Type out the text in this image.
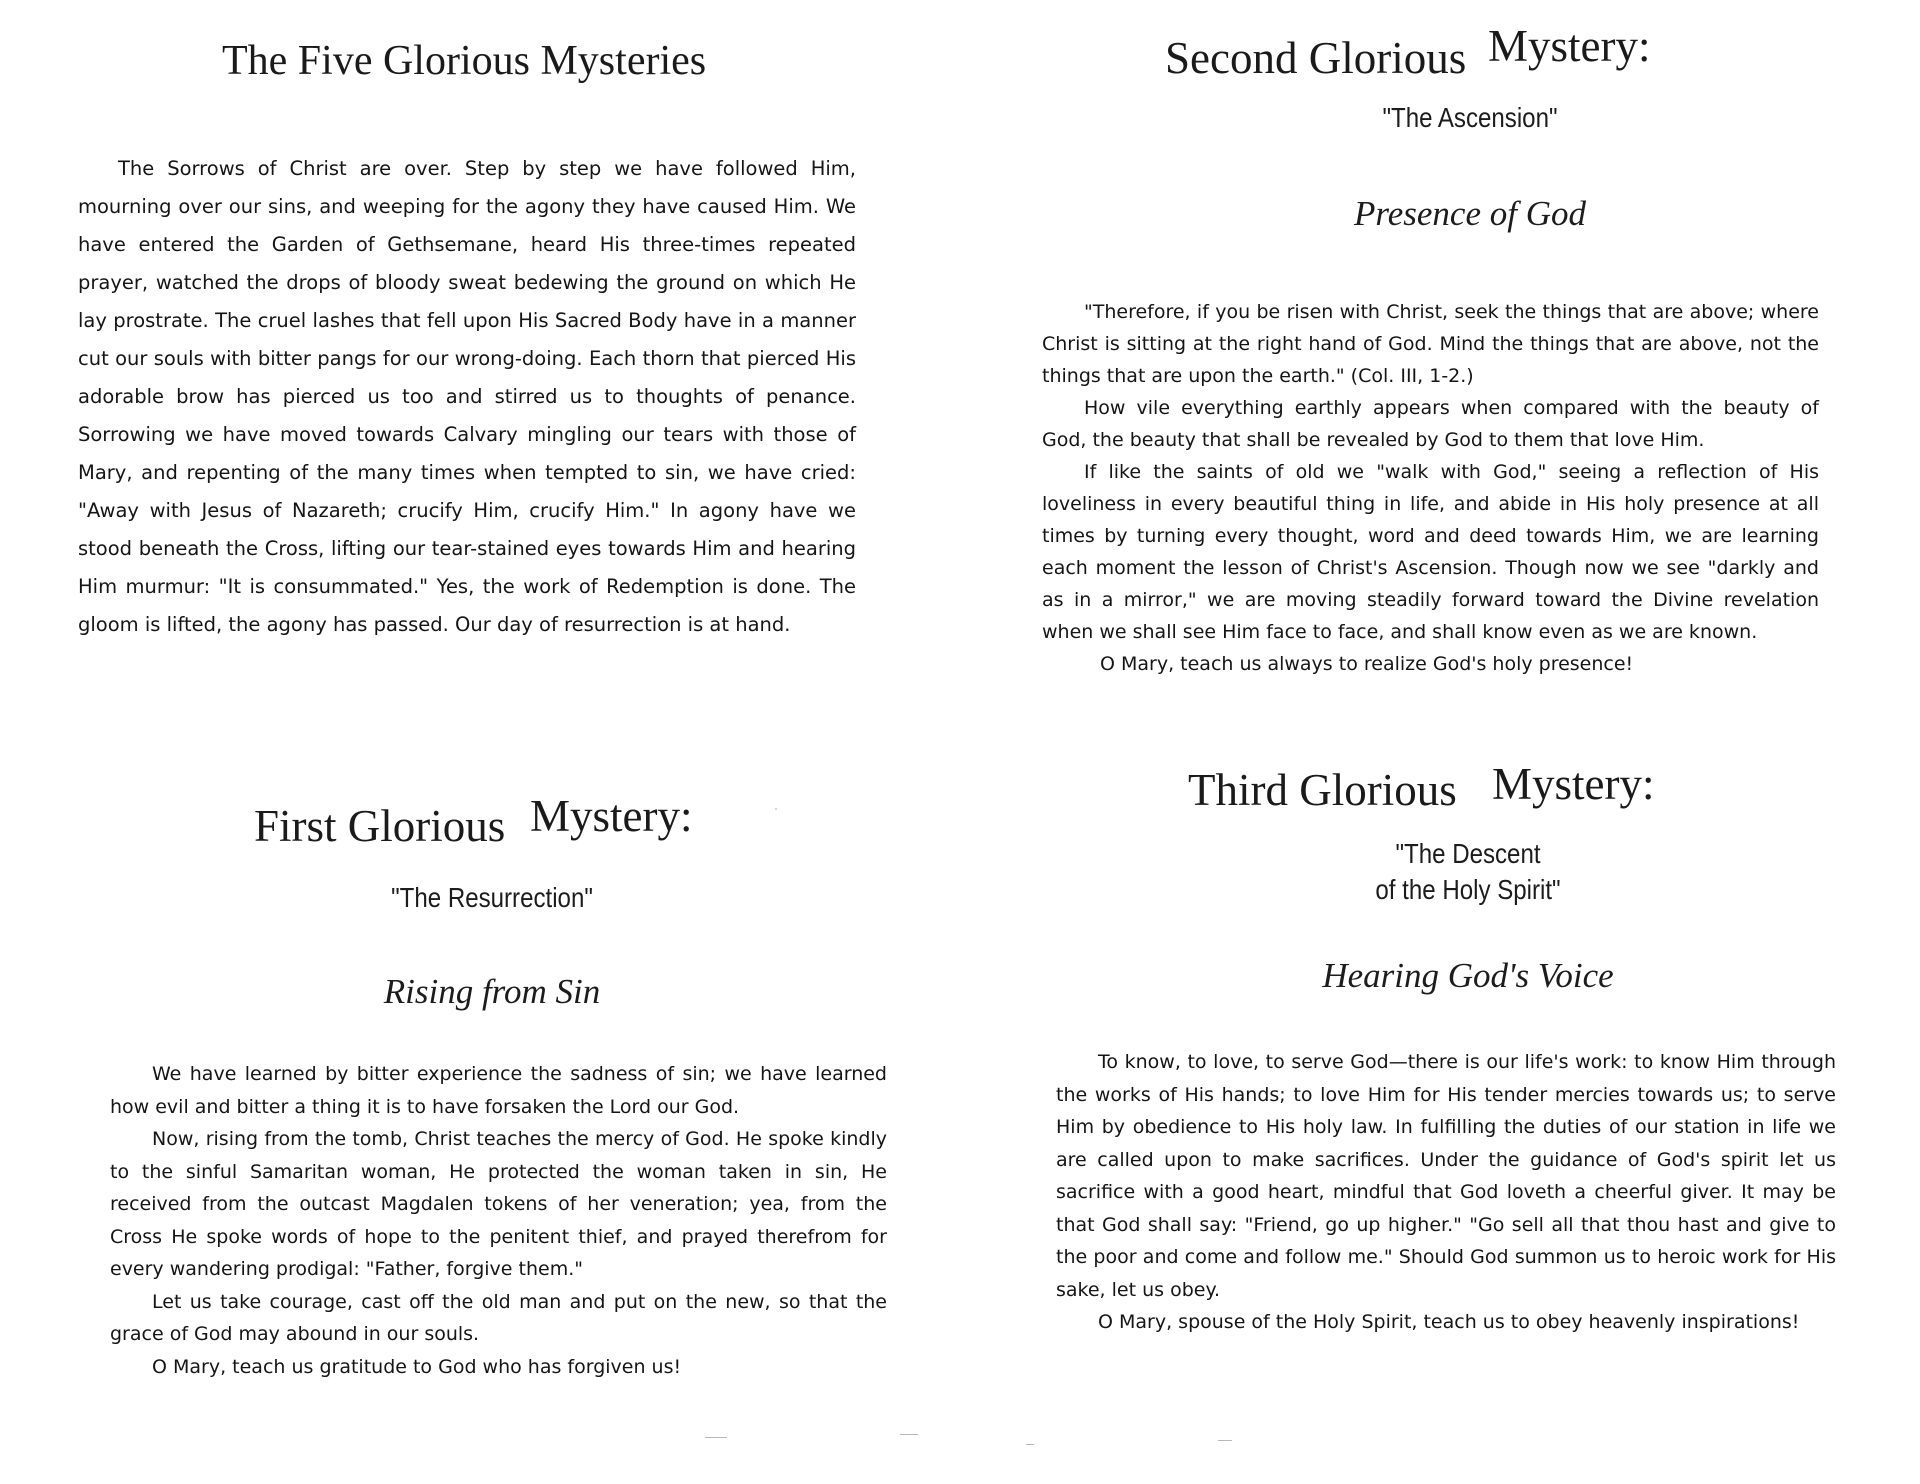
The Five Glorious Mysteries

The Sorrows of Christ are over. Step by step we have followed Him, mourning over our sins, and weeping for the agony they have caused Him. We have entered the Garden of Gethsemane, heard His three-times repeated prayer, watched the drops of bloody sweat bedewing the ground on which He lay prostrate. The cruel lashes that fell upon His Sacred Body have in a manner cut our souls with bitter pangs for our wrong-doing. Each thorn that pierced His adorable brow has pierced us too and stirred us to thoughts of penance. Sorrowing we have moved towards Calvary mingling our tears with those of Mary, and repenting of the many times when tempted to sin, we have cried: "Away with Jesus of Nazareth; crucify Him, crucify Him." In agony have we stood beneath the Cross, lifting our tear-stained eyes towards Him and hearing Him murmur: "It is consummated." Yes, the work of Redemption is done. The gloom is lifted, the agony has passed. Our day of resurrection is at hand.

Second Glorious Mystery:

"The Ascension"

Presence of God

"Therefore, if you be risen with Christ, seek the things that are above; where Christ is sitting at the right hand of God. Mind the things that are above, not the things that are upon the earth." (Col. III, 1-2.)

How vile everything earthly appears when compared with the beauty of God, the beauty that shall be revealed by God to them that love Him.

If like the saints of old we "walk with God," seeing a reflection of His loveliness in every beautiful thing in life, and abide in His holy presence at all times by turning every thought, word and deed towards Him, we are learning each moment the lesson of Christ's Ascension. Though now we see "darkly and as in a mirror," we are moving steadily forward toward the Divine revelation when we shall see Him face to face, and shall know even as we are known.

O Mary, teach us always to realize God's holy presence!

First Glorious Mystery:

"The Resurrection"

Rising from Sin

We have learned by bitter experience the sadness of sin; we have learned how evil and bitter a thing it is to have forsaken the Lord our God.

Now, rising from the tomb, Christ teaches the mercy of God. He spoke kindly to the sinful Samaritan woman, He protected the woman taken in sin, He received from the outcast Magdalen tokens of her veneration; yea, from the Cross He spoke words of hope to the penitent thief, and prayed therefrom for every wandering prodigal: "Father, forgive them."

Let us take courage, cast off the old man and put on the new, so that the grace of God may abound in our souls.

O Mary, teach us gratitude to God who has forgiven us!

Third Glorious Mystery:

"The Descent
of the Holy Spirit"

Hearing God's Voice

To know, to love, to serve God—there is our life's work: to know Him through the works of His hands; to love Him for His tender mercies towards us; to serve Him by obedience to His holy law. In fulfilling the duties of our station in life we are called upon to make sacrifices. Under the guidance of God's spirit let us sacrifice with a good heart, mindful that God loveth a cheerful giver. It may be that God shall say: "Friend, go up higher." "Go sell all that thou hast and give to the poor and come and follow me." Should God summon us to heroic work for His sake, let us obey.

O Mary, spouse of the Holy Spirit, teach us to obey heavenly inspirations!
